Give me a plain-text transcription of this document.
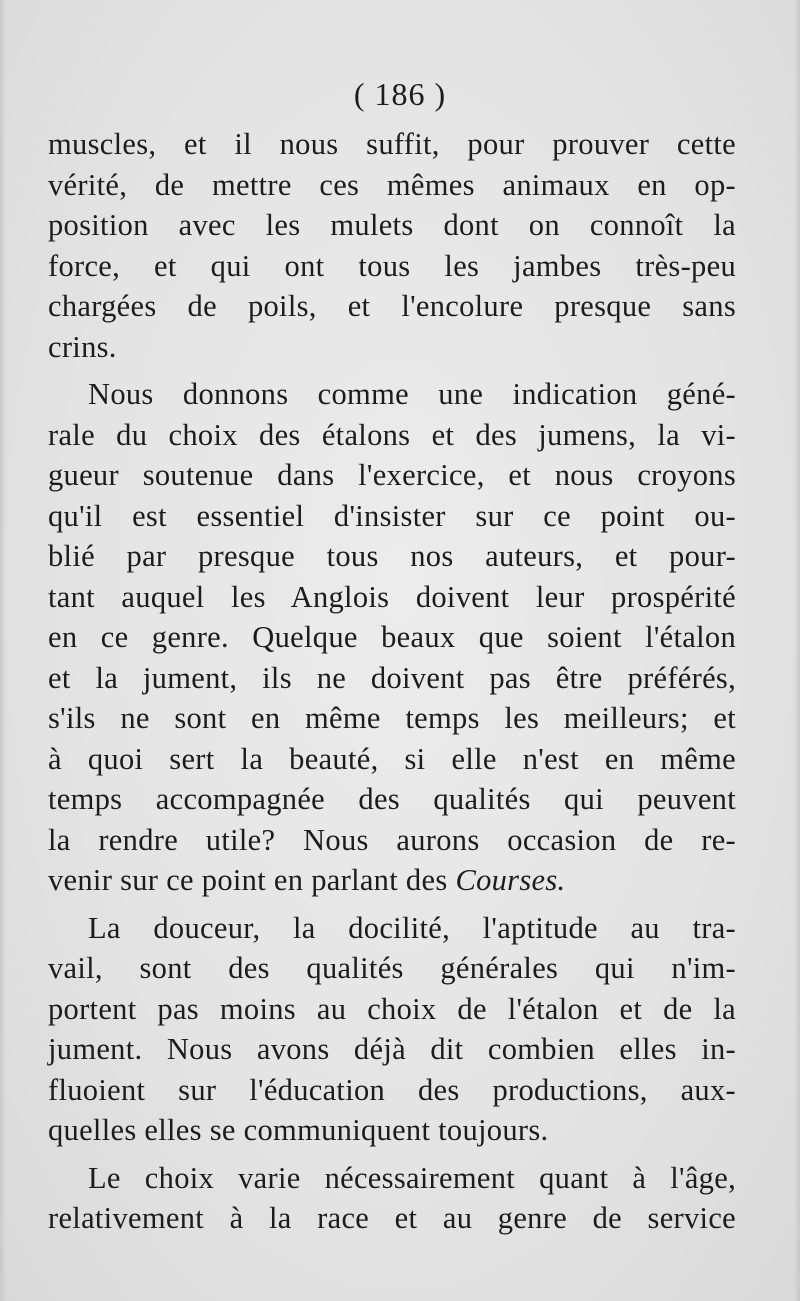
( 186 )
muscles, et il nous suffit, pour prouver cette
vérité, de mettre ces mêmes animaux en op-
position avec les mulets dont on connoît la
force, et qui ont tous les jambes très-peu
chargées de poils, et l'encolure presque sans
crins.
Nous donnons comme une indication géné-
rale du choix des étalons et des jumens, la vi-
gueur soutenue dans l'exercice, et nous croyons
qu'il est essentiel d'insister sur ce point ou-
blié par presque tous nos auteurs, et pour-
tant auquel les Anglois doivent leur prospérité
en ce genre. Quelque beaux que soient l'étalon
et la jument, ils ne doivent pas être préférés,
s'ils ne sont en même temps les meilleurs; et
à quoi sert la beauté, si elle n'est en même
temps accompagnée des qualités qui peuvent
la rendre utile? Nous aurons occasion de re-
venir sur ce point en parlant des Courses.
La douceur, la docilité, l'aptitude au tra-
vail, sont des qualités générales qui n'im-
portent pas moins au choix de l'étalon et de la
jument. Nous avons déjà dit combien elles in-
fluoient sur l'éducation des productions, aux-
quelles elles se communiquent toujours.
Le choix varie nécessairement quant à l'âge,
relativement à la race et au genre de service
